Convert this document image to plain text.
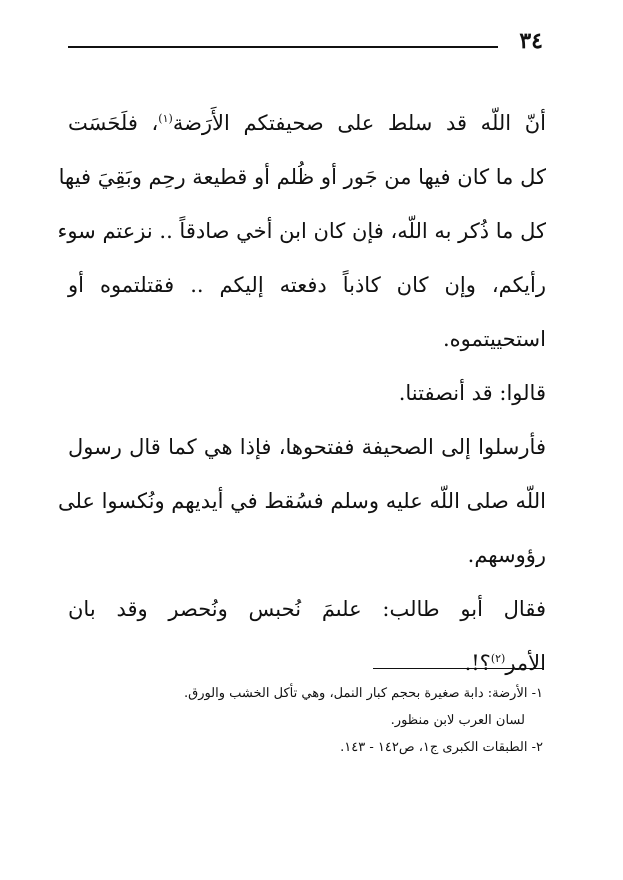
٣٤
أنّ اللّه قد سلط على صحيفتكم الأَرَضة$^{(١)}$، فلَحَسَت
كل ما كان فيها من جَور أو ظُلم أو قطيعة رحِم وبَقِيَ فيها
كل ما ذُكر به اللّه، فإن كان ابن أخي صادقاً .. نزعتم سوء
رأيكم، وإن كان كاذباً دفعته إليكم .. فقتلتموه أو
استحييتموه.
قالوا: قد أنصفتنا.
فأرسلوا إلى الصحيفة ففتحوها، فإذا هي كما قال رسول
اللّه صلى اللّه عليه وسلم فسُقط في أيديهم ونُكسوا على
رؤوسهم.
فقال أبو طالب: علىمَ نُحبس ونُحصر وقد بان
الأمر$^{(٢)}$؟!.
١- الأرضة: دابة صغيرة بحجم كبار النمل، وهي تأكل الخشب والورق.
لسان العرب لابن منظور.
٢- الطبقات الكبرى ج١، ص١٤٢ - ١٤٣.
